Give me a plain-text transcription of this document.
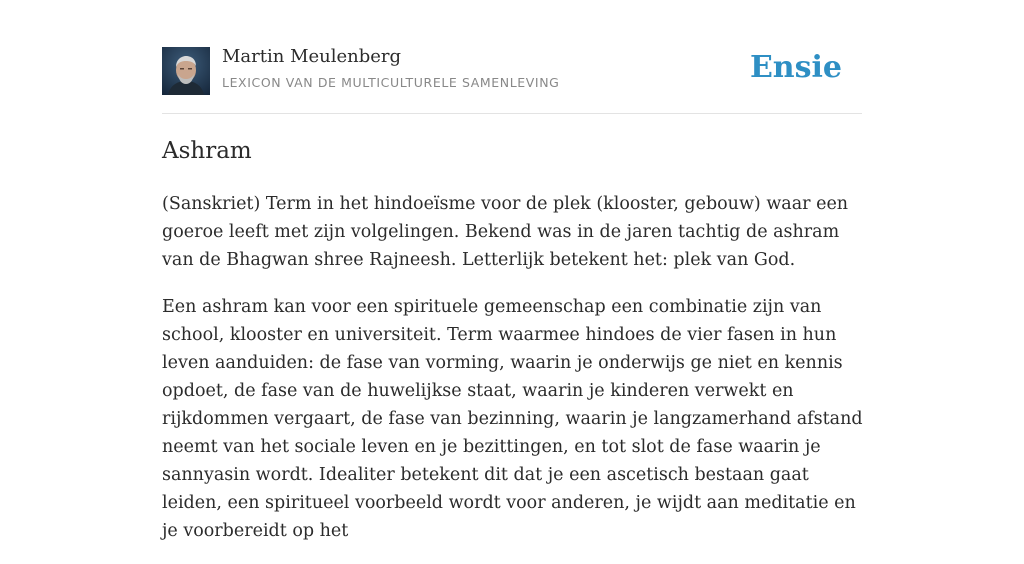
Martin Meulenberg
LEXICON VAN DE MULTICULTURELE SAMENLEVING	Ensie
Ashram

(Sanskriet) Term in het hindoeïsme voor de plek (klooster, gebouw) waar een goeroe leeft met zijn volgelingen. Bekend was in de jaren tachtig de ashram van de Bhagwan shree Rajneesh. Letterlijk betekent het: plek van God.

Een ashram kan voor een spirituele gemeenschap een combinatie zijn van school, klooster en universiteit. Term waarmee hindoes de vier fasen in hun leven aanduiden: de fase van vorming, waarin je onderwijs ge niet en kennis opdoet, de fase van de huwelijkse staat, waarin je kinderen verwekt en rijkdommen vergaart, de fase van bezinning, waarin je langzamerhand afstand neemt van het sociale leven en je bezittingen, en tot slot de fase waarin je sannyasin wordt. Idealiter betekent dit dat je een ascetisch bestaan gaat leiden, een spiritueel voorbeeld wordt voor anderen, je wijdt aan meditatie en je voorbereidt op het
